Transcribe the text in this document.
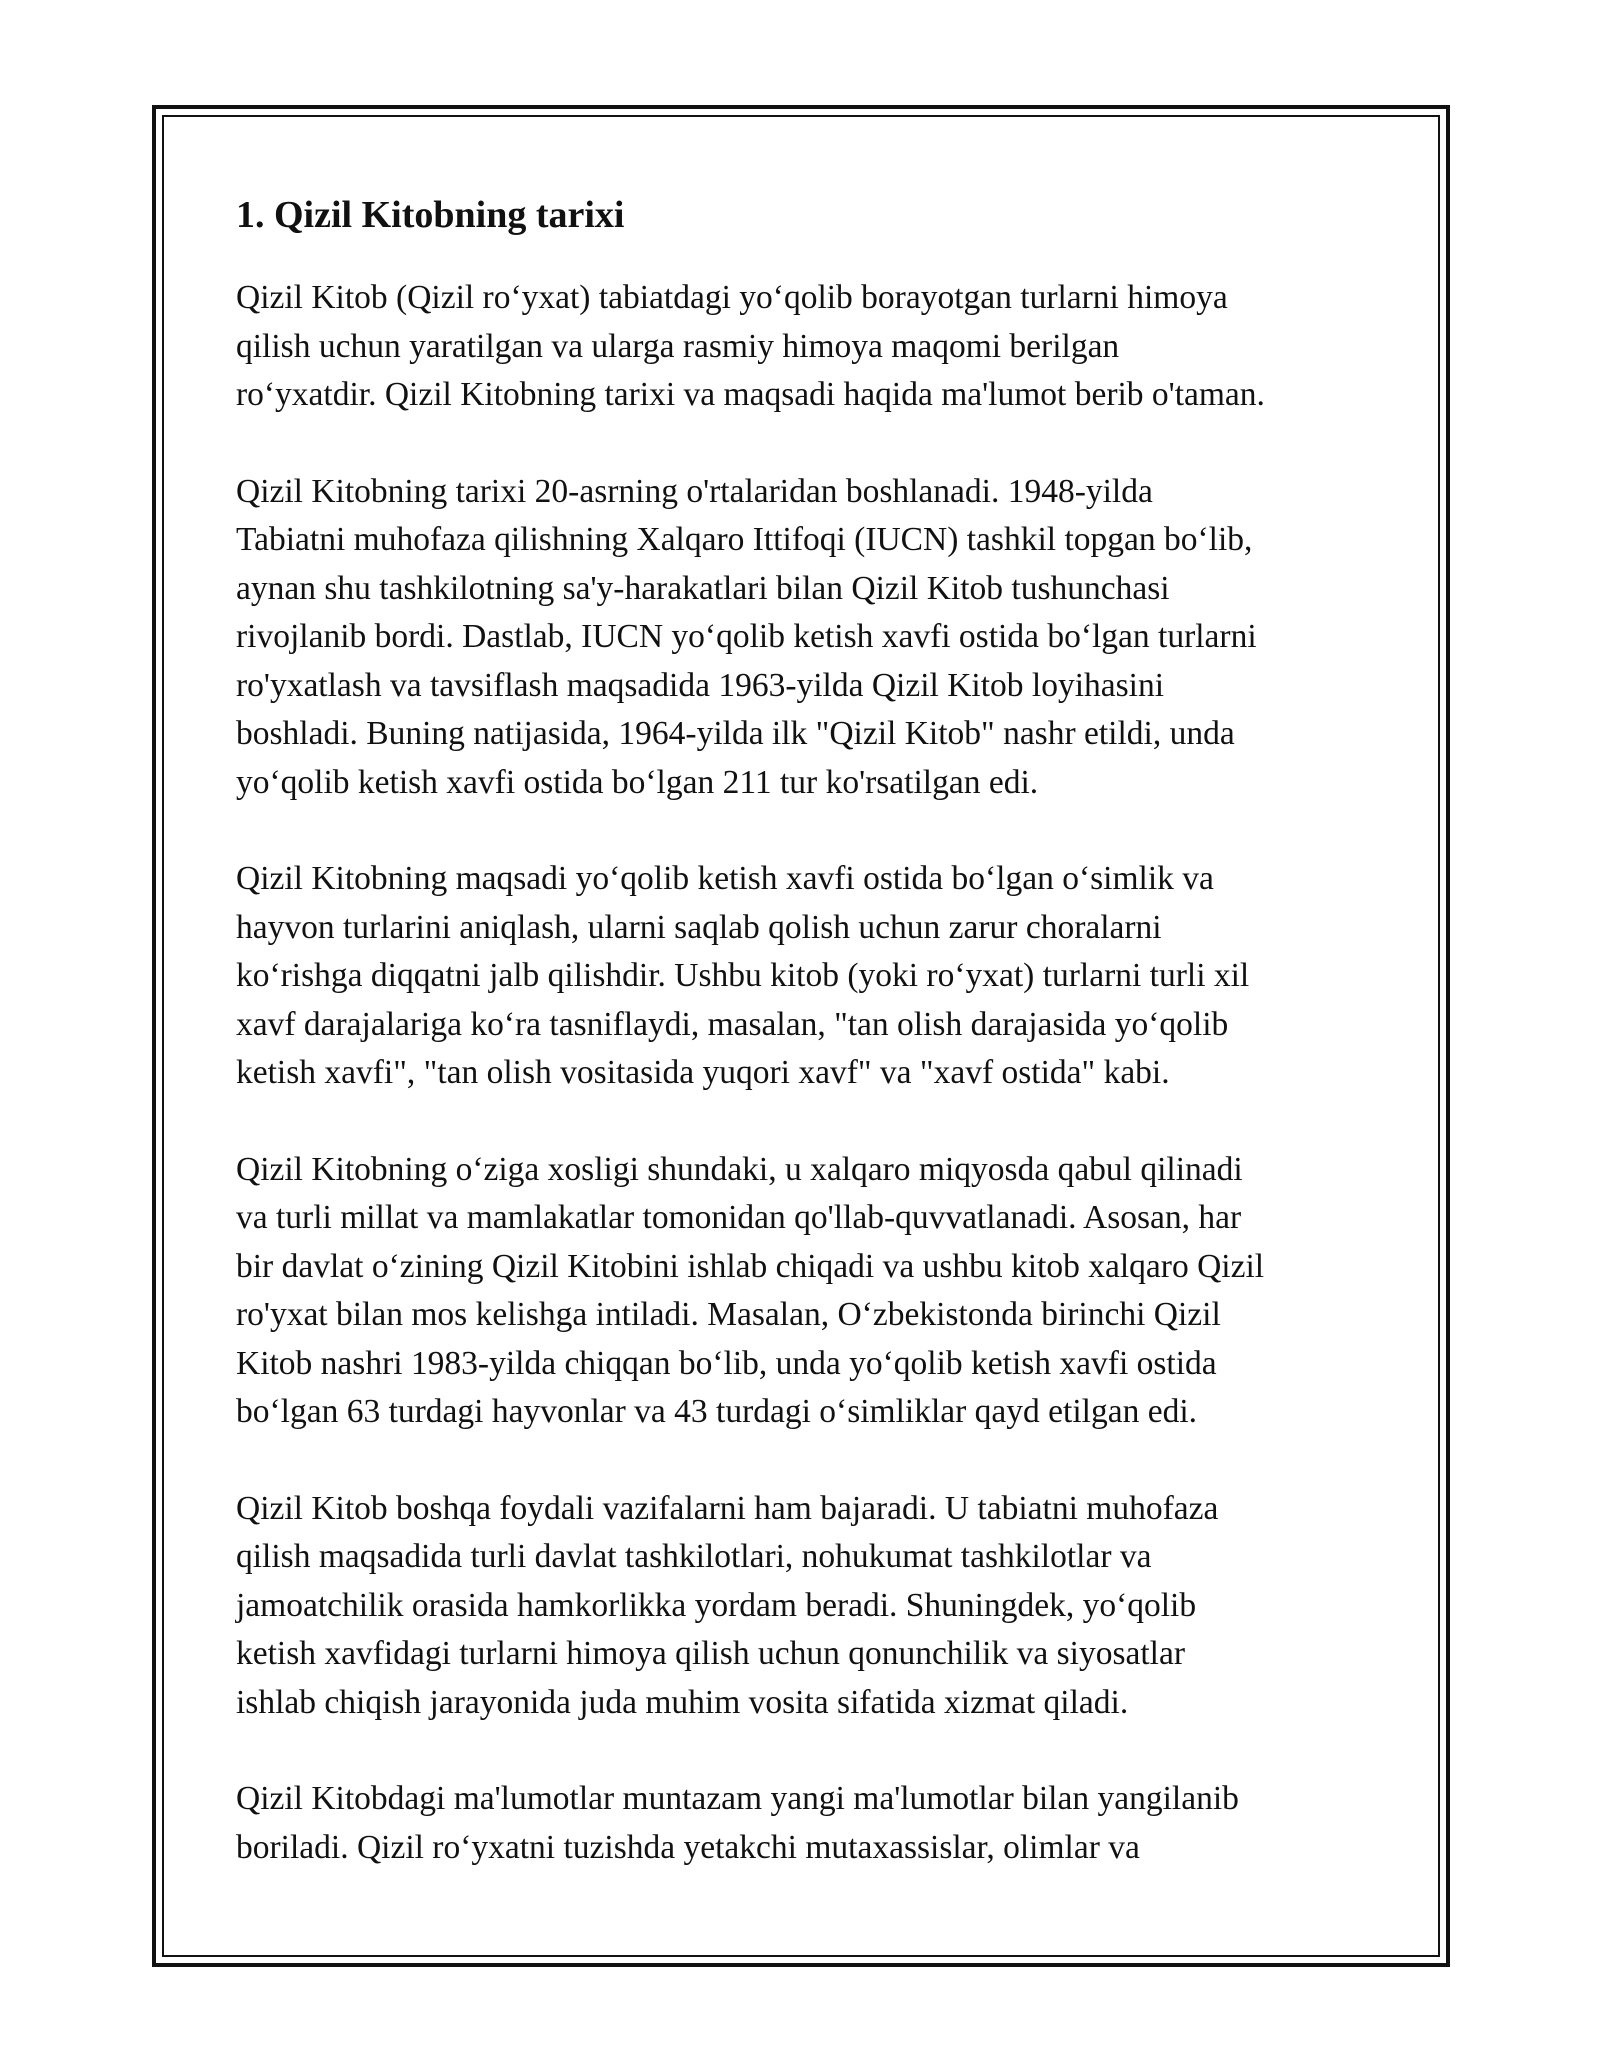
1. Qizil Kitobning tarixi

Qizil Kitob (Qizil ro‘yxat) tabiatdagi yo‘qolib borayotgan turlarni himoya
qilish uchun yaratilgan va ularga rasmiy himoya maqomi berilgan
ro‘yxatdir. Qizil Kitobning tarixi va maqsadi haqida ma'lumot berib o'taman.

Qizil Kitobning tarixi 20-asrning o'rtalaridan boshlanadi. 1948-yilda
Tabiatni muhofaza qilishning Xalqaro Ittifoqi (IUCN) tashkil topgan bo‘lib,
aynan shu tashkilotning sa'y-harakatlari bilan Qizil Kitob tushunchasi
rivojlanib bordi. Dastlab, IUCN yo‘qolib ketish xavfi ostida bo‘lgan turlarni
ro'yxatlash va tavsiflash maqsadida 1963-yilda Qizil Kitob loyihasini
boshladi. Buning natijasida, 1964-yilda ilk "Qizil Kitob" nashr etildi, unda
yo‘qolib ketish xavfi ostida bo‘lgan 211 tur ko'rsatilgan edi.

Qizil Kitobning maqsadi yo‘qolib ketish xavfi ostida bo‘lgan o‘simlik va
hayvon turlarini aniqlash, ularni saqlab qolish uchun zarur choralarni
ko‘rishga diqqatni jalb qilishdir. Ushbu kitob (yoki ro‘yxat) turlarni turli xil
xavf darajalariga ko‘ra tasniflaydi, masalan, "tan olish darajasida yo‘qolib
ketish xavfi", "tan olish vositasida yuqori xavf" va "xavf ostida" kabi.

Qizil Kitobning o‘ziga xosligi shundaki, u xalqaro miqyosda qabul qilinadi
va turli millat va mamlakatlar tomonidan qo'llab-quvvatlanadi. Asosan, har
bir davlat o‘zining Qizil Kitobini ishlab chiqadi va ushbu kitob xalqaro Qizil
ro'yxat bilan mos kelishga intiladi. Masalan, O‘zbekistonda birinchi Qizil
Kitob nashri 1983-yilda chiqqan bo‘lib, unda yo‘qolib ketish xavfi ostida
bo‘lgan 63 turdagi hayvonlar va 43 turdagi o‘simliklar qayd etilgan edi.

Qizil Kitob boshqa foydali vazifalarni ham bajaradi. U tabiatni muhofaza
qilish maqsadida turli davlat tashkilotlari, nohukumat tashkilotlar va
jamoatchilik orasida hamkorlikka yordam beradi. Shuningdek, yo‘qolib
ketish xavfidagi turlarni himoya qilish uchun qonunchilik va siyosatlar
ishlab chiqish jarayonida juda muhim vosita sifatida xizmat qiladi.

Qizil Kitobdagi ma'lumotlar muntazam yangi ma'lumotlar bilan yangilanib
boriladi. Qizil ro‘yxatni tuzishda yetakchi mutaxassislar, olimlar va
